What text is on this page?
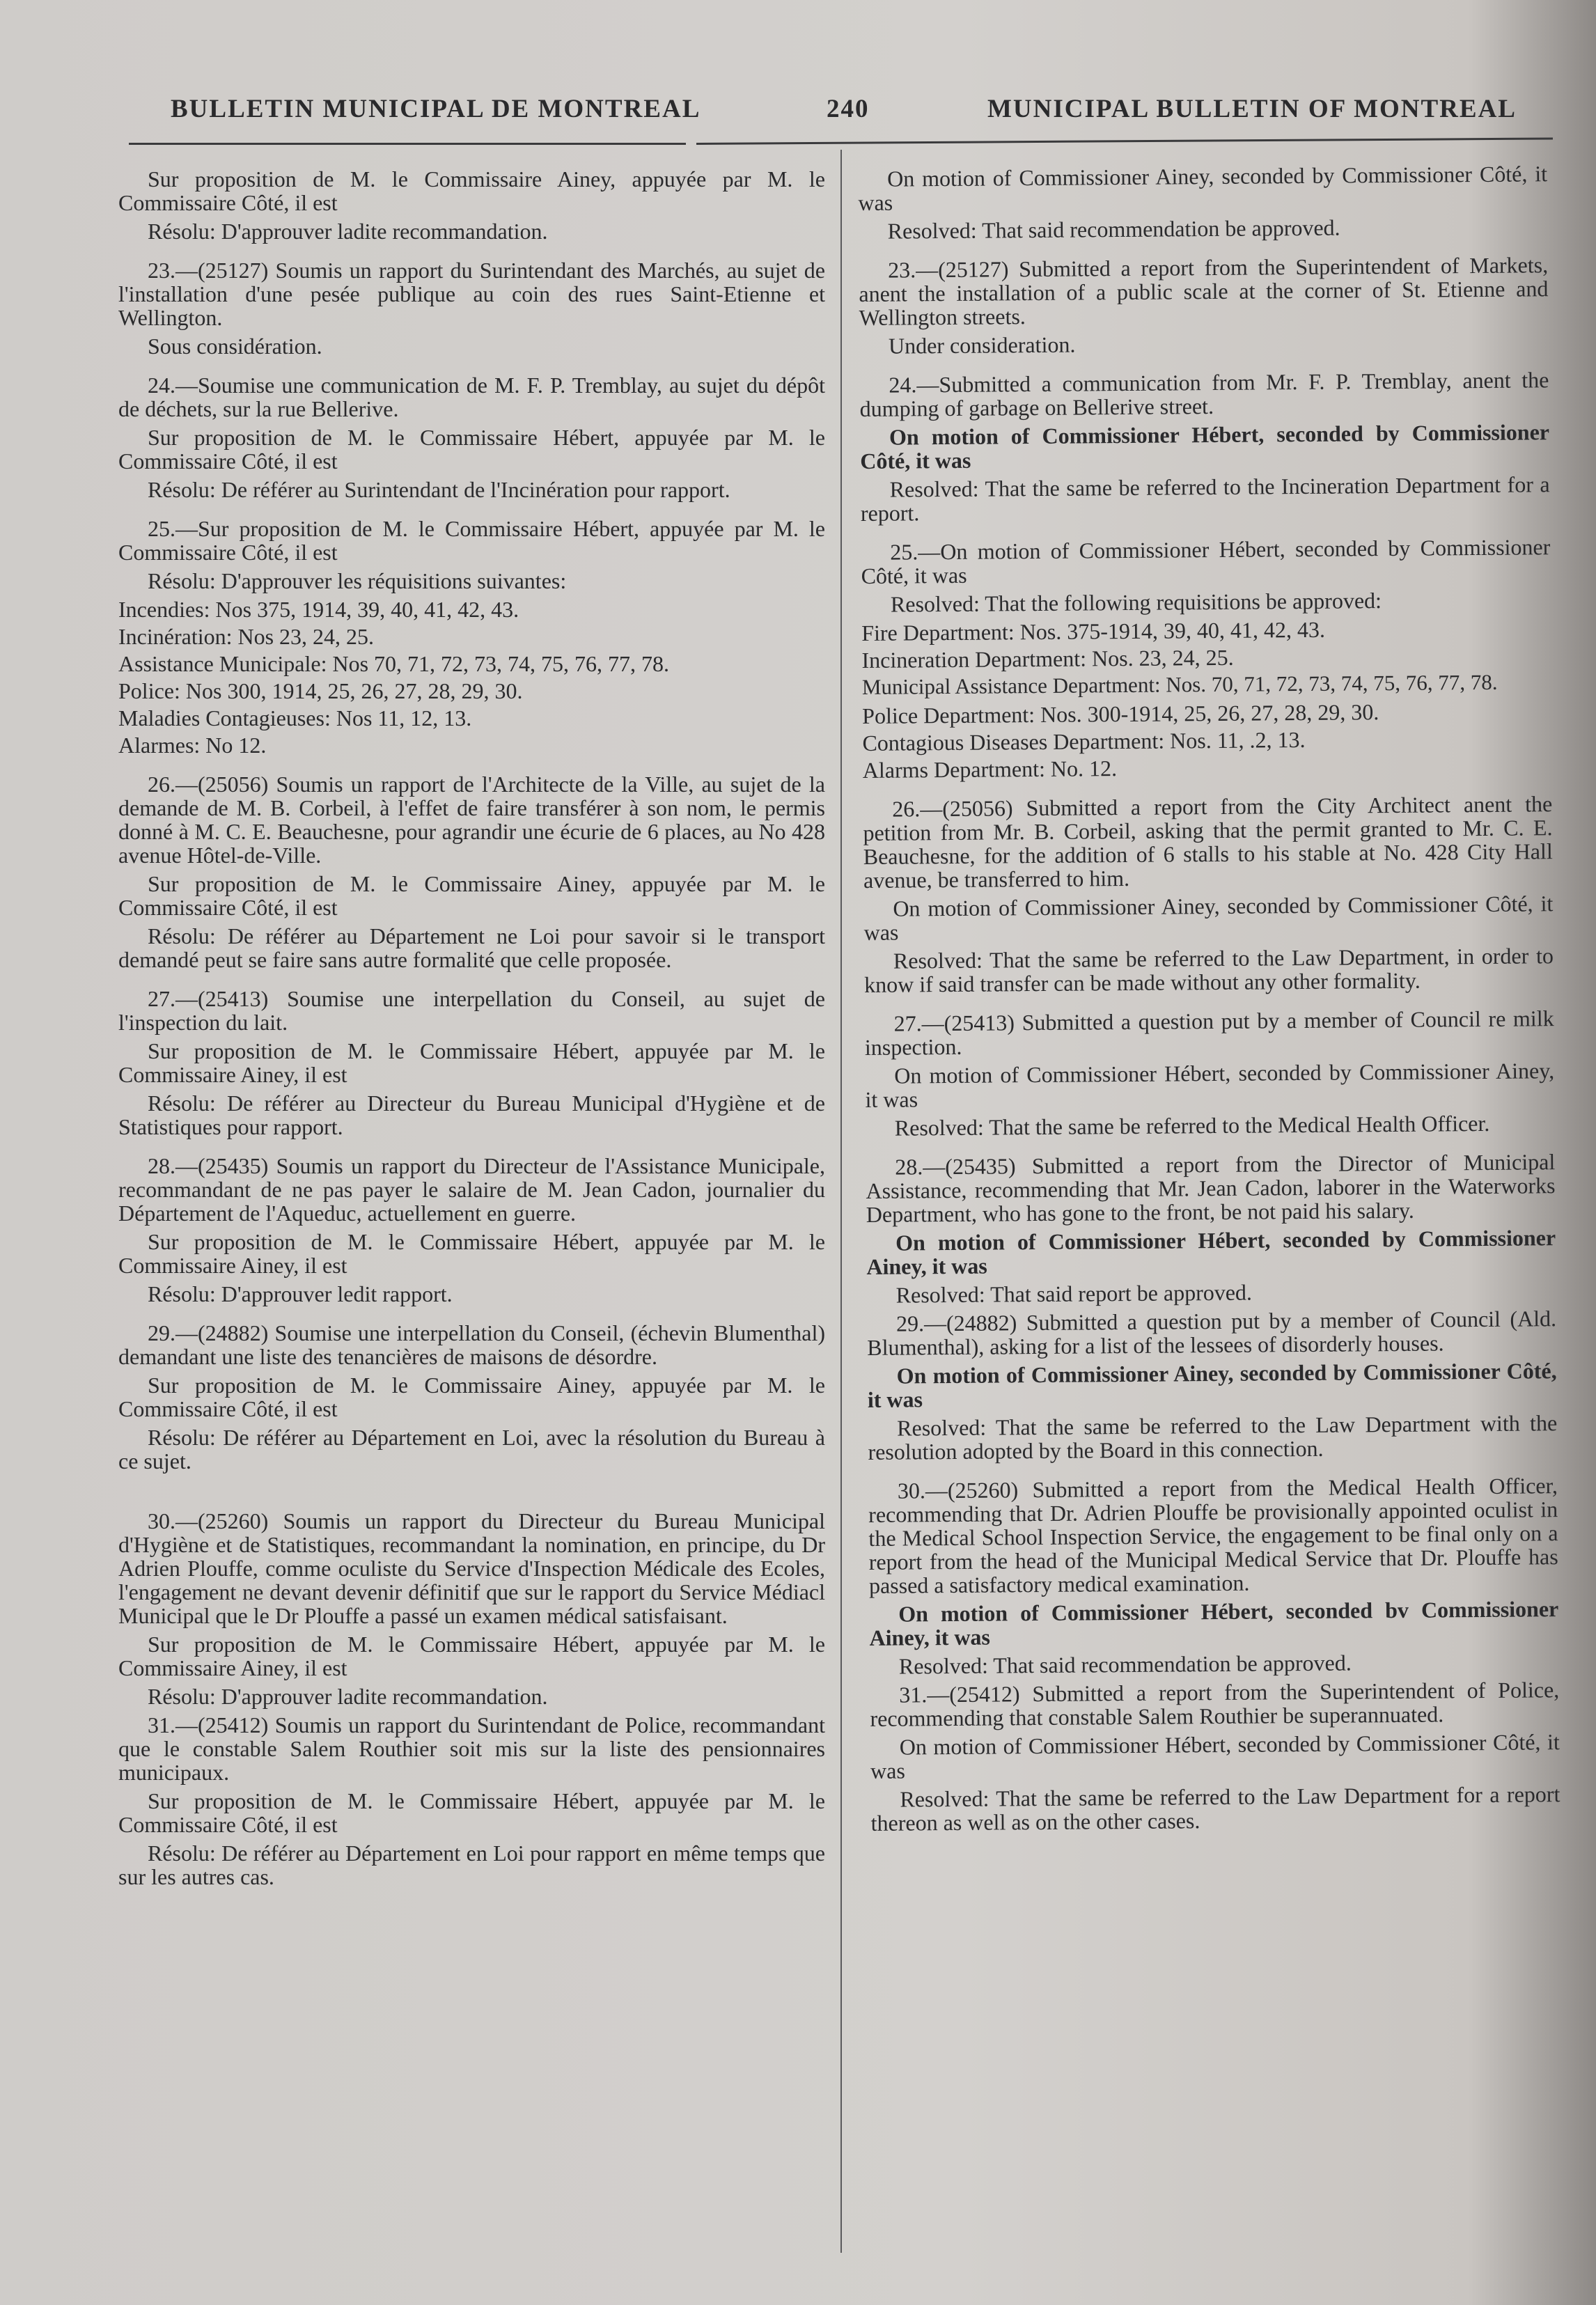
BULLETIN MUNICIPAL DE MONTREAL	240	MUNICIPAL BULLETIN OF MONTREAL

Sur proposition de M. le Commissaire Ainey, appuyée par M. le Commissaire Côté, il est

Résolu: D'approuver ladite recommandation.

23.—(25127) Soumis un rapport du Surintendant des Marchés, au sujet de l'installation d'une pesée publique au coin des rues Saint-Etienne et Wellington.

Sous considération.

24.—Soumise une communication de M. F. P. Tremblay, au sujet du dépôt de déchets, sur la rue Bellerive.

Sur proposition de M. le Commissaire Hébert, appuyée par M. le Commissaire Côté, il est

Résolu: De référer au Surintendant de l'Incinération pour rapport.

25.—Sur proposition de M. le Commissaire Hébert, appuyée par M. le Commissaire Côté, il est

Résolu: D'approuver les réquisitions suivantes:

Incendies: Nos 375, 1914, 39, 40, 41, 42, 43.

Incinération: Nos 23, 24, 25.

Assistance Municipale: Nos 70, 71, 72, 73, 74, 75, 76, 77, 78.

Police: Nos 300, 1914, 25, 26, 27, 28, 29, 30.

Maladies Contagieuses: Nos 11, 12, 13.

Alarmes: No 12.

26.—(25056) Soumis un rapport de l'Architecte de la Ville, au sujet de la demande de M. B. Corbeil, à l'effet de faire transférer à son nom, le permis donné à M. C. E. Beauchesne, pour agrandir une écurie de 6 places, au No 428 avenue Hôtel-de-Ville.

Sur proposition de M. le Commissaire Ainey, appuyée par M. le Commissaire Côté, il est

Résolu: De référer au Département ne Loi pour savoir si le transport demandé peut se faire sans autre formalité que celle proposée.

27.—(25413) Soumise une interpellation du Conseil, au sujet de l'inspection du lait.

Sur proposition de M. le Commissaire Hébert, appuyée par M. le Commissaire Ainey, il est

Résolu: De référer au Directeur du Bureau Municipal d'Hygiène et de Statistiques pour rapport.

28.—(25435) Soumis un rapport du Directeur de l'Assistance Municipale, recommandant de ne pas payer le salaire de M. Jean Cadon, journalier du Département de l'Aqueduc, actuellement en guerre.

Sur proposition de M. le Commissaire Hébert, appuyée par M. le Commissaire Ainey, il est

Résolu: D'approuver ledit rapport.

29.—(24882) Soumise une interpellation du Conseil, (échevin Blumenthal) demandant une liste des tenancières de maisons de désordre.

Sur proposition de M. le Commissaire Ainey, appuyée par M. le Commissaire Côté, il est

Résolu: De référer au Département en Loi, avec la résolution du Bureau à ce sujet.

30.—(25260) Soumis un rapport du Directeur du Bureau Municipal d'Hygiène et de Statistiques, recommandant la nomination, en principe, du Dr Adrien Plouffe, comme oculiste du Service d'Inspection Médicale des Ecoles, l'engagement ne devant devenir définitif que sur le rapport du Service Médiacl Municipal que le Dr Plouffe a passé un examen médical satisfaisant.

Sur proposition de M. le Commissaire Hébert, appuyée par M. le Commissaire Ainey, il est

Résolu: D'approuver ladite recommandation.

31.—(25412) Soumis un rapport du Surintendant de Police, recommandant que le constable Salem Routhier soit mis sur la liste des pensionnaires municipaux.

Sur proposition de M. le Commissaire Hébert, appuyée par M. le Commissaire Côté, il est

Résolu: De référer au Département en Loi pour rapport en même temps que sur les autres cas.

On motion of Commissioner Ainey, seconded by Commissioner Côté, it was

Resolved: That said recommendation be approved.

23.—(25127) Submitted a report from the Superintendent of Markets, anent the installation of a public scale at the corner of St. Etienne and Wellington streets.

Under consideration.

24.—Submitted a communication from Mr. F. P. Tremblay, anent the dumping of garbage on Bellerive street.

On motion of Commissioner Hébert, seconded by Commissioner Côté, it was

Resolved: That the same be referred to the Incineration Department for a report.

25.—On motion of Commissioner Hébert, seconded by Commissioner Côté, it was

Resolved: That the following requisitions be approved:

Fire Department: Nos. 375-1914, 39, 40, 41, 42, 43.

Incineration Department: Nos. 23, 24, 25.

Municipal Assistance Department: Nos. 70, 71, 72, 73, 74, 75, 76, 77, 78.

Police Department: Nos. 300-1914, 25, 26, 27, 28, 29, 30.

Contagious Diseases Department: Nos. 11, .2, 13.

Alarms Department: No. 12.

26.—(25056) Submitted a report from the City Architect anent the petition from Mr. B. Corbeil, asking that the permit granted to Mr. C. E. Beauchesne, for the addition of 6 stalls to his stable at No. 428 City Hall avenue, be transferred to him.

On motion of Commissioner Ainey, seconded by Commissioner Côté, it was

Resolved: That the same be referred to the Law Department, in order to know if said transfer can be made without any other formality.

27.—(25413) Submitted a question put by a member of Council re milk inspection.

On motion of Commissioner Hébert, seconded by Commissioner Ainey, it was

Resolved: That the same be referred to the Medical Health Officer.

28.—(25435) Submitted a report from the Director of Municipal Assistance, recommending that Mr. Jean Cadon, laborer in the Waterworks Department, who has gone to the front, be not paid his salary.

On motion of Commissioner Hébert, seconded by Commissioner Ainey, it was

Resolved: That said report be approved.

29.—(24882) Submitted a question put by a member of Council (Ald. Blumenthal), asking for a list of the lessees of disorderly houses.

On motion of Commissioner Ainey, seconded by Commissioner Côté, it was

Resolved: That the same be referred to the Law Department with the resolution adopted by the Board in this connection.

30.—(25260) Submitted a report from the Medical Health Officer, recommending that Dr. Adrien Plouffe be provisionally appointed oculist in the Medical School Inspection Service, the engagement to be final only on a report from the head of the Municipal Medical Service that Dr. Plouffe has passed a satisfactory medical examination.

On motion of Commissioner Hébert, seconded bv Commissioner Ainey, it was

Resolved: That said recommendation be approved.

31.—(25412) Submitted a report from the Superintendent of Police, recommending that constable Salem Routhier be superannuated.

On motion of Commissioner Hébert, seconded by Commissioner Côté, it was

Resolved: That the same be referred to the Law Department for a report thereon as well as on the other cases.
